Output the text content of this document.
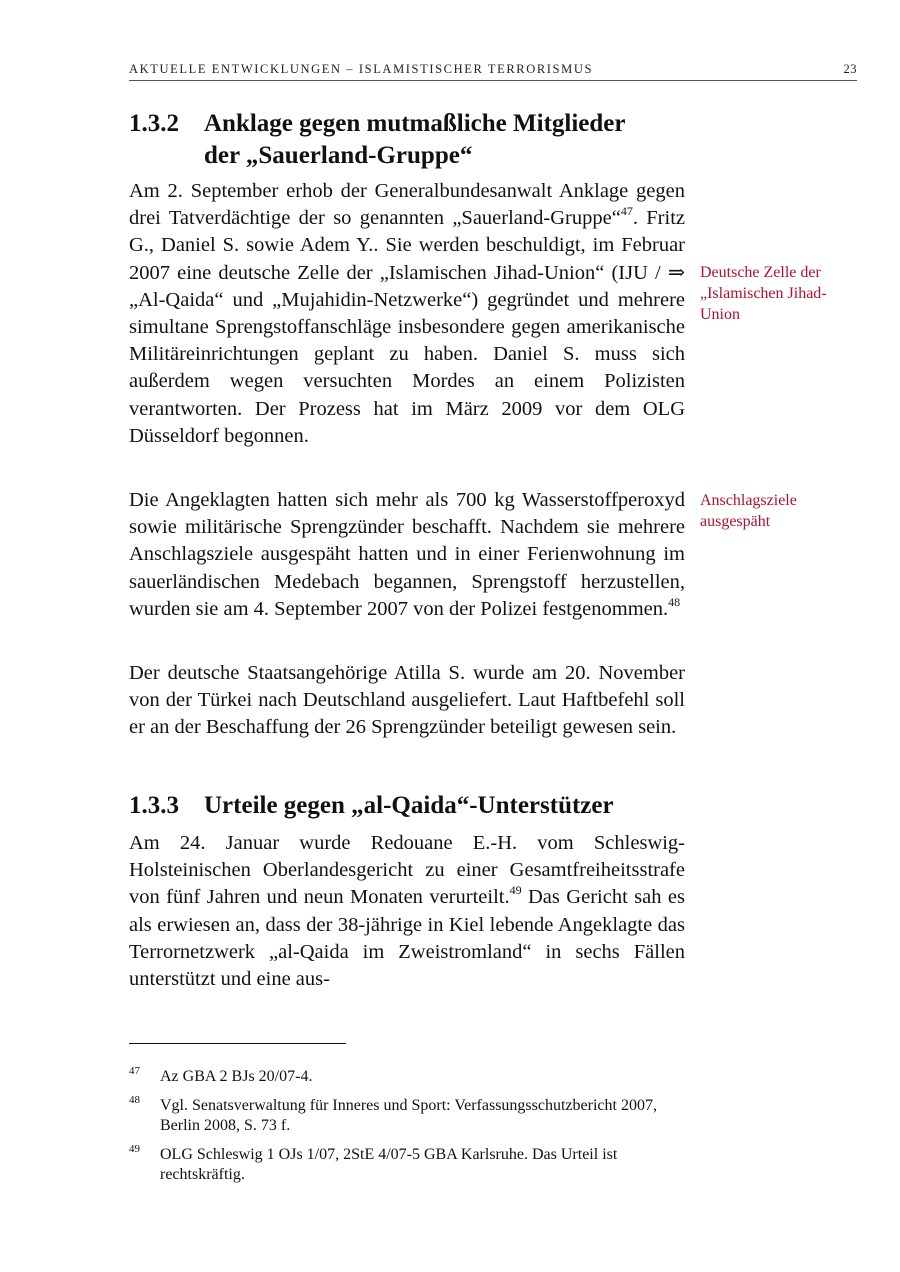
AKTUELLE ENTWICKLUNGEN – ISLAMISTISCHER TERRORISMUS	23
1.3.2 Anklage gegen mutmaßliche Mitglieder
der „Sauerland-Gruppe“

Am 2. September erhob der Generalbundesanwalt Anklage gegen drei Tatverdächtige der so genannten „Sauerland-Gruppe“$^{47}$. Fritz G., Daniel S. sowie Adem Y.. Sie werden beschuldigt, im Februar 2007 eine deutsche Zelle der „Islamischen Jihad-Union“ (IJU / ⇒ „Al-Qaida“ und „Mujahidin-Netzwerke“) gegründet und mehrere simultane Sprengstoffanschläge insbesondere gegen amerikanische Militäreinrichtungen geplant zu haben. Daniel S. muss sich außerdem wegen versuchten Mordes an einem Polizisten verantworten. Der Prozess hat im März 2009 vor dem OLG Düsseldorf begonnen.

Die Angeklagten hatten sich mehr als 700 kg Wasserstoffperoxyd sowie militärische Sprengzünder beschafft. Nachdem sie mehrere Anschlagsziele ausgespäht hatten und in einer Ferienwohnung im sauerländischen Medebach begannen, Sprengstoff herzustellen, wurden sie am 4. September 2007 von der Polizei festgenommen.$^{48}$

Der deutsche Staatsangehörige Atilla S. wurde am 20. November von der Türkei nach Deutschland ausgeliefert. Laut Haftbefehl soll er an der Beschaffung der 26 Sprengzünder beteiligt gewesen sein.

Deutsche Zelle der „Islamischen Jihad-Union
Anschlagsziele ausgespäht
1.3.3 Urteile gegen „al-Qaida“-Unterstützer

Am 24. Januar wurde Redouane E.-H. vom Schleswig-Holsteinischen Oberlandesgericht zu einer Gesamtfreiheitsstrafe von fünf Jahren und neun Monaten verurteilt.$^{49}$ Das Gericht sah es als erwiesen an, dass der 38-jährige in Kiel lebende Angeklagte das Terrornetzwerk „al-Qaida im Zweistromland“ in sechs Fällen unterstützt und eine aus-

47 Az GBA 2 BJs 20/07-4.
48 Vgl. Senatsverwaltung für Inneres und Sport: Verfassungsschutzbericht 2007, Berlin 2008, S. 73 f.
49 OLG Schleswig 1 OJs 1/07, 2StE 4/07-5 GBA Karlsruhe. Das Urteil ist rechtskräftig.
